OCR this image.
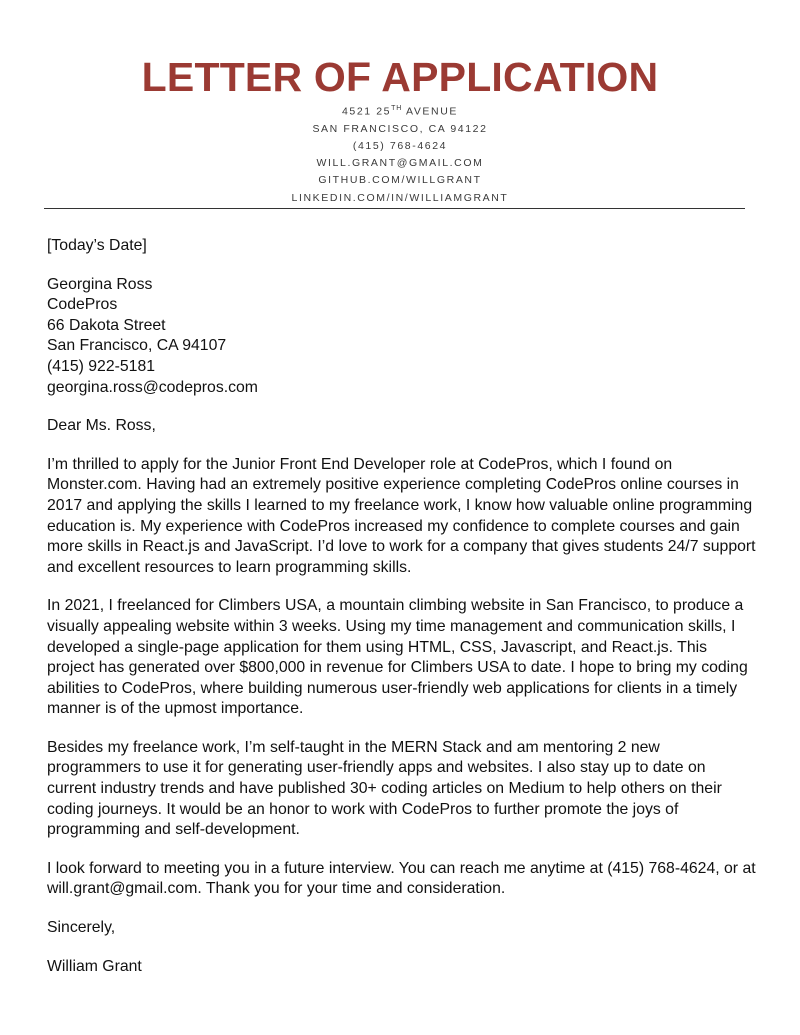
LETTER OF APPLICATION
4521 25TH AVENUE
SAN FRANCISCO, CA 94122
(415) 768-4624
WILL.GRANT@GMAIL.COM
GITHUB.COM/WILLGRANT
LINKEDIN.COM/IN/WILLIAMGRANT

[Today’s Date]

Georgina Ross
CodePros
66 Dakota Street
San Francisco, CA 94107
(415) 922-5181
georgina.ross@codepros.com

Dear Ms. Ross,

I’m thrilled to apply for the Junior Front End Developer role at CodePros, which I found on Monster.com. Having had an extremely positive experience completing CodePros online courses in 2017 and applying the skills I learned to my freelance work, I know how valuable online programming education is. My experience with CodePros increased my confidence to complete courses and gain more skills in React.js and JavaScript. I’d love to work for a company that gives students 24/7 support and excellent resources to learn programming skills.

In 2021, I freelanced for Climbers USA, a mountain climbing website in San Francisco, to produce a visually appealing website within 3 weeks. Using my time management and communication skills, I developed a single-page application for them using HTML, CSS, Javascript, and React.js. This project has generated over $800,000 in revenue for Climbers USA to date. I hope to bring my coding abilities to CodePros, where building numerous user-friendly web applications for clients in a timely manner is of the upmost importance.

Besides my freelance work, I’m self-taught in the MERN Stack and am mentoring 2 new programmers to use it for generating user-friendly apps and websites. I also stay up to date on current industry trends and have published 30+ coding articles on Medium to help others on their coding journeys. It would be an honor to work with CodePros to further promote the joys of programming and self-development.

I look forward to meeting you in a future interview. You can reach me anytime at (415) 768-4624, or at will.grant@gmail.com. Thank you for your time and consideration.

Sincerely,

William Grant
